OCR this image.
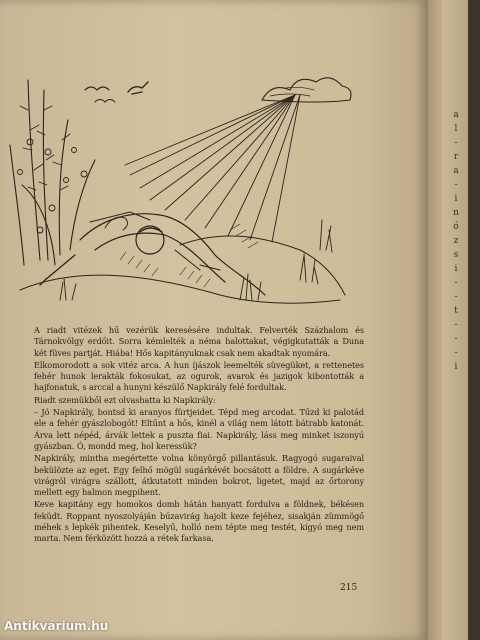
A riadt vitézek hű vezérük keresésére indultak. Felverték Százhalom és Tárnokvölgy erdőit. Sorra kémlelték a néma halottakat, végigkutatták a Duna két füves partját. Hiába! Hős kapitányuknak csak nem akadtak nyomára.

Elkomorodott a sok vitéz arca. A hun íjászok leemelték süvegüket, a rettenetes fehér hunok lerakták fokosukat, az ogurok, avarok és jazigok kibontották a hajfonatuk, s arccal a hunyni készülő Napkirály felé fordultak.

Riadt szemükből ezt olvashatta ki Napkirály:

– Jó Napkirály, bontsd ki aranyos fürtjeidet. Tépd meg arcodat. Tűzd ki palotád ele a fehér gyászlobogót! Eltűnt a hős, kinél a világ nem látott bátrabb katonát. Árva lett népéd, árvák lettek a puszta fiai. Napkirály, láss meg minket iszonyú gyászban. Ó, mondd meg, hol keressük?

Napkirály, mintha megértette volna könyörgő pillantásuk. Ragyogó sugaraival bekülözte az eget. Egy felhő mögül sugárkévét bocsátott a földre. A sugárkéve virágról virágra szállott, átkutatott minden bokrot, ligetet, majd az őrtorony mellett egy halmon megpihent.

Keve kapitány egy homokos domb hátán hanyatt fordulva a földnek, békésen feküdt. Roppant nyoszolyáján búzavirág hajolt keze fejéhez, sisakján zümmögő méhek s lepkék pihentek. Keselyű, holló nem tépte meg testét, kígyó meg nem marta. Nem férközött hozzá a rétek farkasa.

215
a
l
-
r
a
-
i
n
ó
z
s
i
-
-
t
-
-
-
i
Antikvárium.hu
